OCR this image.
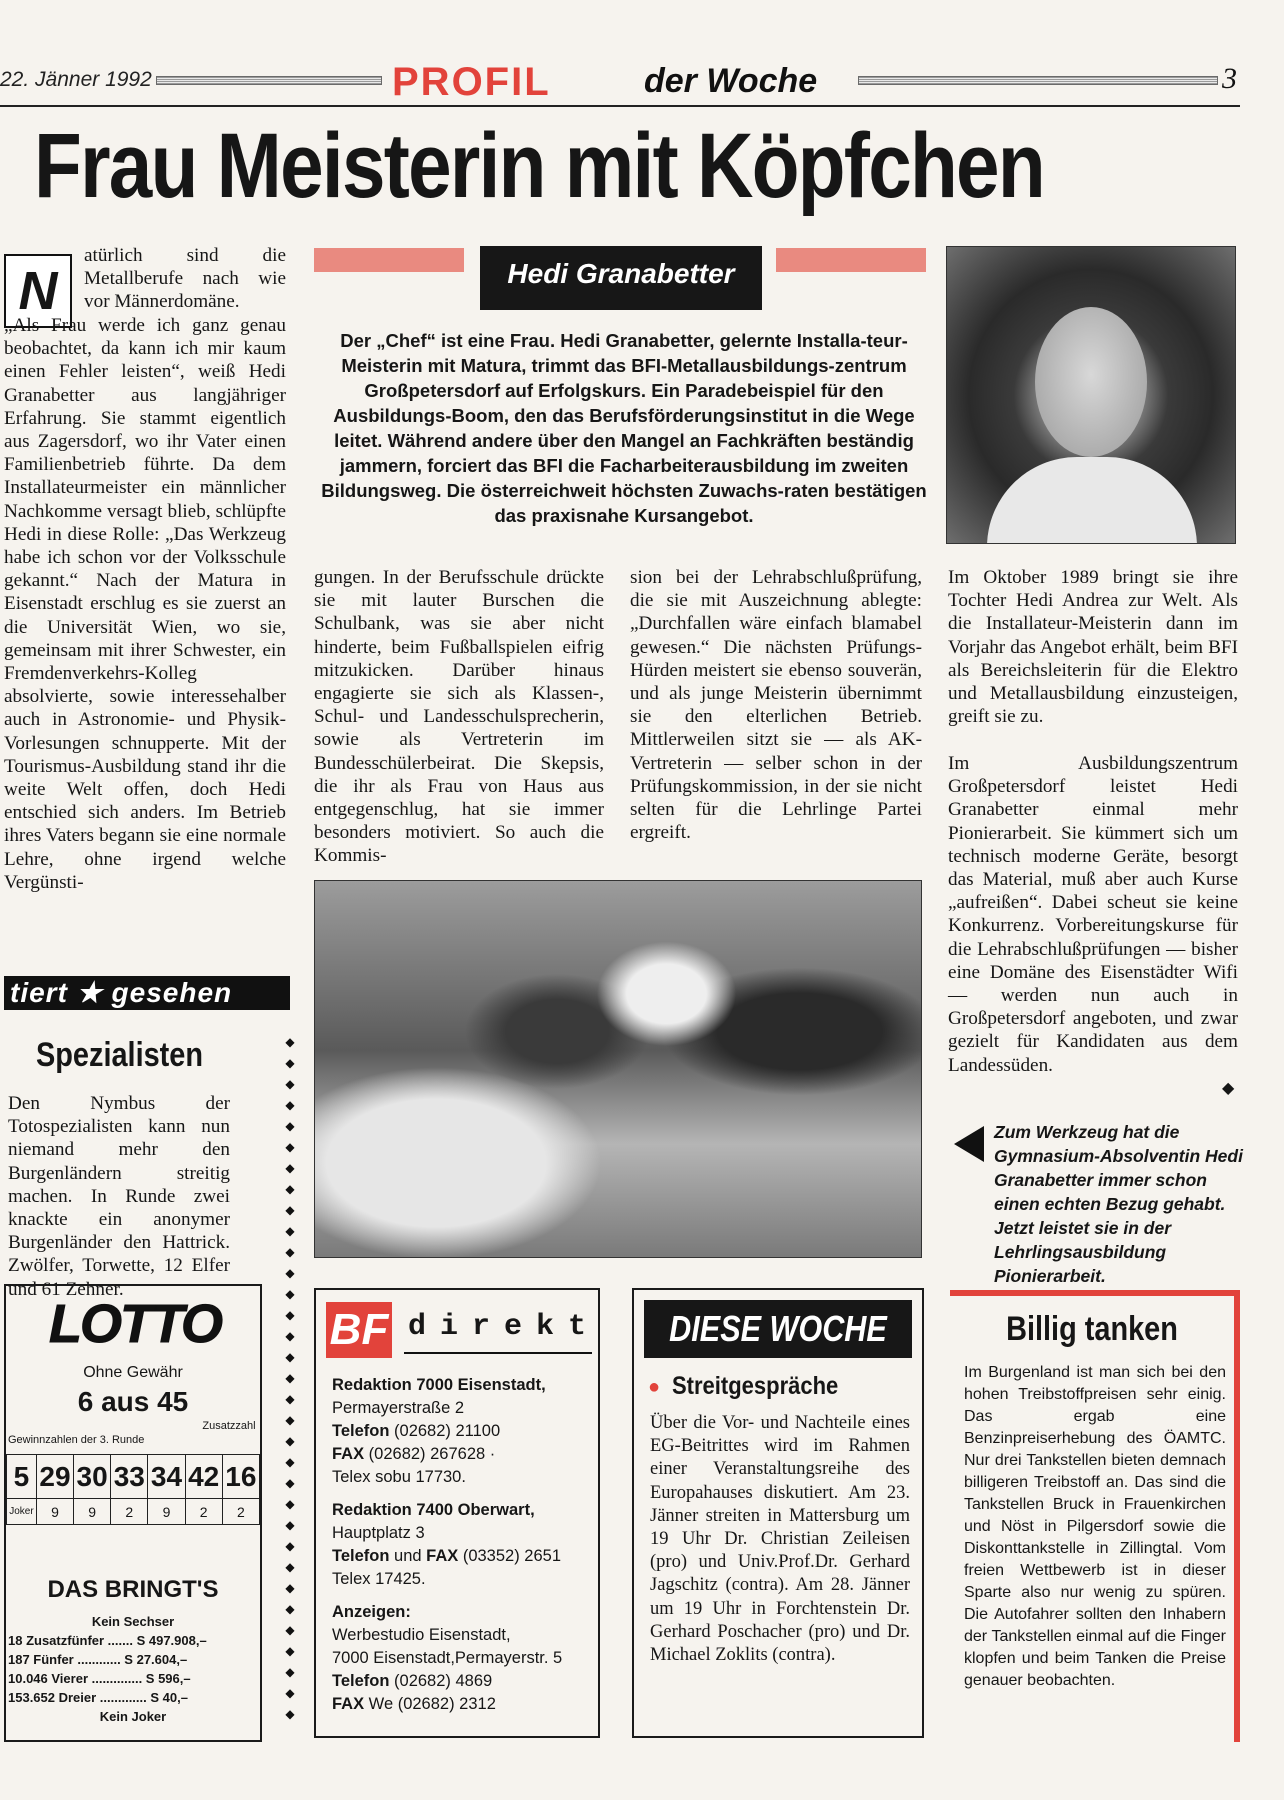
22. Jänner 1992	PROFIL	der Woche	3
Frau Meisterin mit Köpfchen
Hedi Granabetter
Der „Chef“ ist eine Frau. Hedi Granabetter, gelernte Installa-teur-Meisterin mit Matura, trimmt das BFI-Metallausbildungs-zentrum Großpetersdorf auf Erfolgskurs. Ein Paradebeispiel für den Ausbildungs-Boom, den das Berufsförderungsinstitut in die Wege leitet. Während andere über den Mangel an Fachkräften beständig jammern, forciert das BFI die Facharbeiterausbildung im zweiten Bildungsweg. Die österreichweit höchsten Zuwachs-raten bestätigen das praxisnahe Kursangebot.
N
atürlich sind die Metallberufe nach wie vor Männerdomäne.
„Als Frau werde ich ganz genau beobachtet, da kann ich mir kaum einen Fehler leisten“, weiß Hedi Granabetter aus langjähriger Erfahrung. Sie stammt eigentlich aus Zagersdorf, wo ihr Vater einen Familienbetrieb führte. Da dem Installateurmeister ein männlicher Nachkomme versagt blieb, schlüpfte Hedi in diese Rolle: „Das Werkzeug habe ich schon vor der Volksschule gekannt.“ Nach der Matura in Eisenstadt erschlug es sie zuerst an die Universität Wien, wo sie, gemeinsam mit ihrer Schwester, ein Fremdenverkehrs-Kolleg absolvierte, sowie interessehalber auch in Astronomie- und Physik-Vorlesungen schnupperte. Mit der Tourismus-Ausbildung stand ihr die weite Welt offen, doch Hedi entschied sich anders. Im Betrieb ihres Vaters begann sie eine normale Lehre, ohne irgend welche Vergünsti-
gungen. In der Berufsschule drückte sie mit lauter Burschen die Schulbank, was sie aber nicht hinderte, beim Fußballspielen eifrig mitzukicken. Darüber hinaus engagierte sie sich als Klassen-, Schul- und Landesschulsprecherin, sowie als Vertreterin im Bundesschülerbeirat. Die Skepsis, die ihr als Frau von Haus aus entgegenschlug, hat sie immer besonders motiviert. So auch die Kommis-
sion bei der Lehrabschlußprüfung, die sie mit Auszeichnung ablegte: „Durchfallen wäre einfach blamabel gewesen.“ Die nächsten Prüfungs-Hürden meistert sie ebenso souverän, und als junge Meisterin übernimmt sie den elterlichen Betrieb. Mittlerweilen sitzt sie — als AK-Vertreterin — selber schon in der Prüfungskommission, in der sie nicht selten für die Lehrlinge Partei ergreift.
Im Oktober 1989 bringt sie ihre Tochter Hedi Andrea zur Welt. Als die Installateur-Meisterin dann im Vorjahr das Angebot erhält, beim BFI als Bereichsleiterin für die Elektro und Metallausbildung einzusteigen, greift sie zu.
Im Ausbildungszentrum Großpetersdorf leistet Hedi Granabetter einmal mehr Pionierarbeit. Sie kümmert sich um technisch moderne Geräte, besorgt das Material, muß aber auch Kurse „aufreißen“. Dabei scheut sie keine Konkurrenz. Vorbereitungskurse für die Lehrabschlußprüfungen — bisher eine Domäne des Eisenstädter Wifi — werden nun auch in Großpetersdorf angeboten, und zwar gezielt für Kandidaten aus dem Landessüden.
◆
Zum Werkzeug hat die Gymnasium-Absolventin Hedi Granabetter immer schon einen echten Bezug gehabt. Jetzt leistet sie in der Lehrlingsausbildung Pionierarbeit.
tiert ★ gesehen
Spezialisten
Den Nymbus der Totospezialisten kann nun niemand mehr den Burgenländern streitig machen. In Runde zwei knackte ein anonymer Burgenländer den Hattrick. Zwölfer, Torwette, 12 Elfer und 61 Zehner.
◆
◆
◆
◆
◆
◆
◆
◆
◆
◆
◆
◆
◆
◆
◆
◆
◆
◆
◆
◆
◆
◆
◆
◆
◆
◆
◆
◆
◆
◆
◆
◆
◆
LOTTO
Ohne Gewähr
6 aus 45
Gewinnzahlen der 3. Runde
Zusatzzahl
5	29	30	33	34	42	16
Joker	9	9	2	9	2	2
DAS BRINGT'S
Kein Sechser
18 Zusatzfünfer ....... S 497.908,–
187 Fünfer ............ S 27.604,–
10.046 Vierer .............. S 596,–
153.652 Dreier ............. S 40,–
Kein Joker
BF direkt
Redaktion 7000 Eisenstadt,
Permayerstraße 2
Telefon (02682) 21100
FAX (02682) 267628 ·
Telex sobu 17730.
Redaktion 7400 Oberwart,
Hauptplatz 3
Telefon und FAX (03352) 2651
Telex 17425.
Anzeigen:
Werbestudio Eisenstadt,
7000 Eisenstadt,Permayerstr. 5
Telefon (02682) 4869
FAX We (02682) 2312
DIESE WOCHE
● Streitgespräche
Über die Vor- und Nachteile eines EG-Beitrittes wird im Rahmen einer Veranstaltungsreihe des Europahauses diskutiert. Am 23. Jänner streiten in Mattersburg um 19 Uhr Dr. Christian Zeileisen (pro) und Univ.Prof.Dr. Gerhard Jagschitz (contra). Am 28. Jänner um 19 Uhr in Forchtenstein Dr. Gerhard Poschacher (pro) und Dr. Michael Zoklits (contra).
Billig tanken
Im Burgenland ist man sich bei den hohen Treibstoffpreisen sehr einig. Das ergab eine Benzinpreiserhebung des ÖAMTC. Nur drei Tankstellen bieten demnach billigeren Treibstoff an. Das sind die Tankstellen Bruck in Frauenkirchen und Nöst in Pilgersdorf sowie die Diskonttankstelle in Zillingtal. Vom freien Wettbewerb ist in dieser Sparte also nur wenig zu spüren. Die Autofahrer sollten den Inhabern der Tankstellen einmal auf die Finger klopfen und beim Tanken die Preise genauer beobachten.
